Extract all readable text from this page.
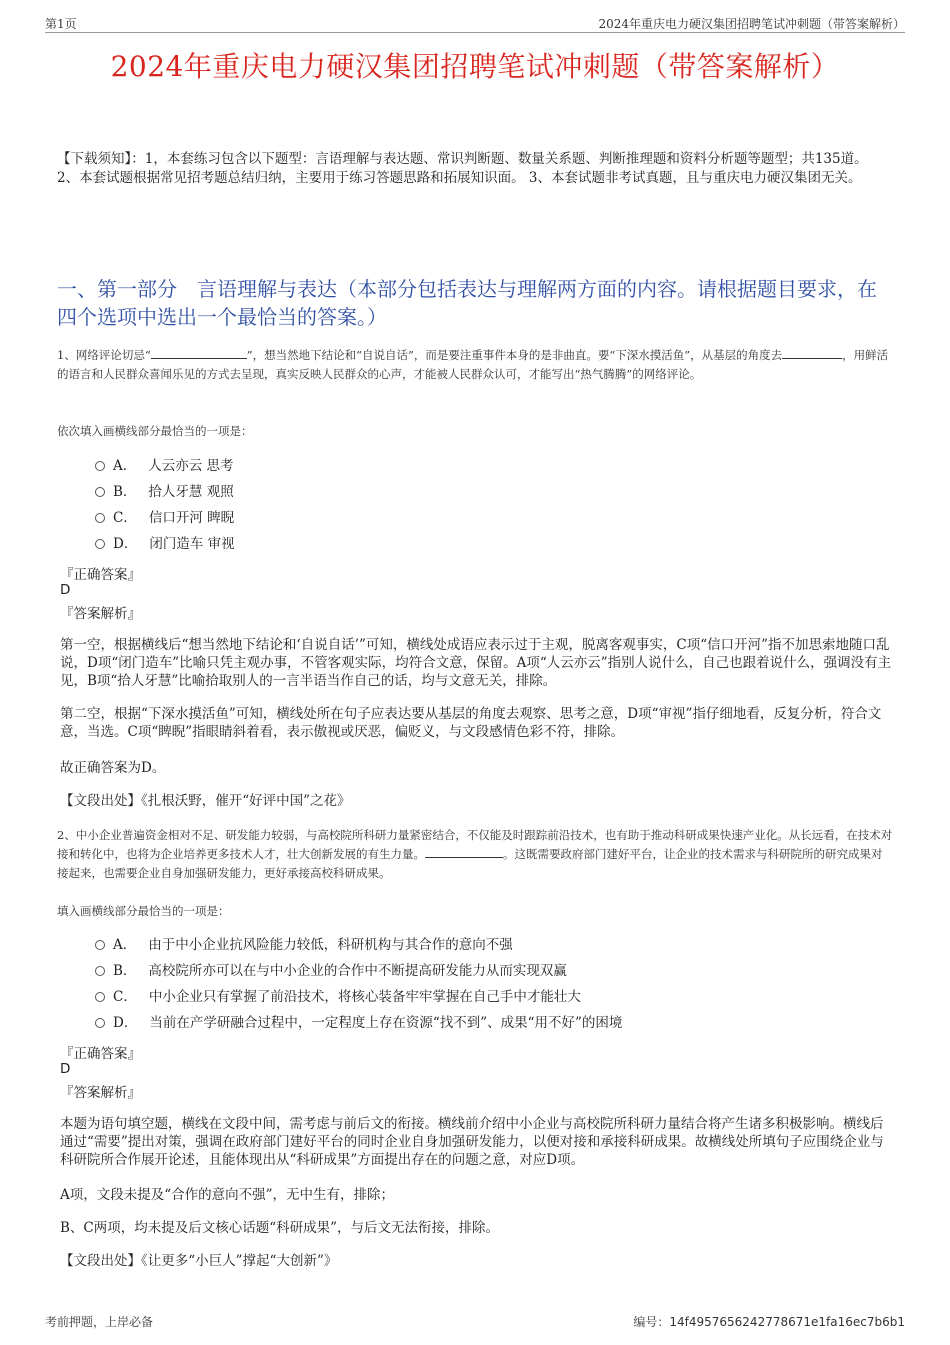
第1页	2024年重庆电力硬汉集团招聘笔试冲刺题（带答案解析）
2024年重庆电力硬汉集团招聘笔试冲刺题（带答案解析）
【下载须知】：1，本套练习包含以下题型：言语理解与表达题、常识判断题、数量关系题、判断推理题和资料分析题等题型；共135道。 2、本套试题根据常见招考题总结归纳，主要用于练习答题思路和拓展知识面。 3、本套试题非考试真题，且与重庆电力硬汉集团无关。
一、第一部分　言语理解与表达（本部分包括表达与理解两方面的内容。请根据题目要求，在四个选项中选出一个最恰当的答案。）
1、网络评论切忌“	”，想当然地下结论和“自说自话”，而是要注重事件本身的是非曲直。要“下深水摸活鱼”，从基层的角度去	，用鲜活的语言和人民群众喜闻乐见的方式去呈现，真实反映人民群众的心声，才能被人民群众认可，才能写出“热气腾腾”的网络评论。
依次填入画横线部分最恰当的一项是：
A． 人云亦云 思考
B． 拾人牙慧 观照
C． 信口开河 睥睨
D． 闭门造车 审视
『正确答案』
D
『答案解析』
第一空，根据横线后“想当然地下结论和‘自说自话’”可知，横线处成语应表示过于主观，脱离客观事实，C项“信口开河”指不加思索地随口乱说，D项“闭门造车”比喻只凭主观办事，不管客观实际，均符合文意，保留。A项“人云亦云”指别人说什么，自己也跟着说什么，强调没有主见，B项“拾人牙慧”比喻拾取别人的一言半语当作自己的话，均与文意无关，排除。
第二空，根据“下深水摸活鱼”可知，横线处所在句子应表达要从基层的角度去观察、思考之意，D项“审视”指仔细地看，反复分析，符合文意，当选。C项“睥睨”指眼睛斜着看，表示傲视或厌恶，偏贬义，与文段感情色彩不符，排除。
故正确答案为D。
【文段出处】《扎根沃野，催开“好评中国”之花》
2、中小企业普遍资金相对不足、研发能力较弱，与高校院所科研力量紧密结合，不仅能及时跟踪前沿技术，也有助于推动科研成果快速产业化。从长远看，在技术对接和转化中，也将为企业培养更多技术人才，壮大创新发展的有生力量。	。这既需要政府部门建好平台，让企业的技术需求与科研院所的研究成果对接起来，也需要企业自身加强研发能力，更好承接高校科研成果。
填入画横线部分最恰当的一项是：
A． 由于中小企业抗风险能力较低，科研机构与其合作的意向不强
B． 高校院所亦可以在与中小企业的合作中不断提高研发能力从而实现双赢
C． 中小企业只有掌握了前沿技术，将核心装备牢牢掌握在自己手中才能壮大
D． 当前在产学研融合过程中，一定程度上存在资源“找不到”、成果“用不好”的困境
『正确答案』
D
『答案解析』
本题为语句填空题，横线在文段中间，需考虑与前后文的衔接。横线前介绍中小企业与高校院所科研力量结合将产生诸多积极影响。横线后通过“需要”提出对策，强调在政府部门建好平台的同时企业自身加强研发能力，以便对接和承接科研成果。故横线处所填句子应围绕企业与科研院所合作展开论述，且能体现出从“科研成果”方面提出存在的问题之意，对应D项。
A项，文段未提及“合作的意向不强”，无中生有，排除；
B、C两项，均未提及后文核心话题“科研成果”，与后文无法衔接，排除。
【文段出处】《让更多“小巨人”撑起“大创新”》
考前押题，上岸必备	编号：14f4957656242778671e1fa16ec7b6b1
